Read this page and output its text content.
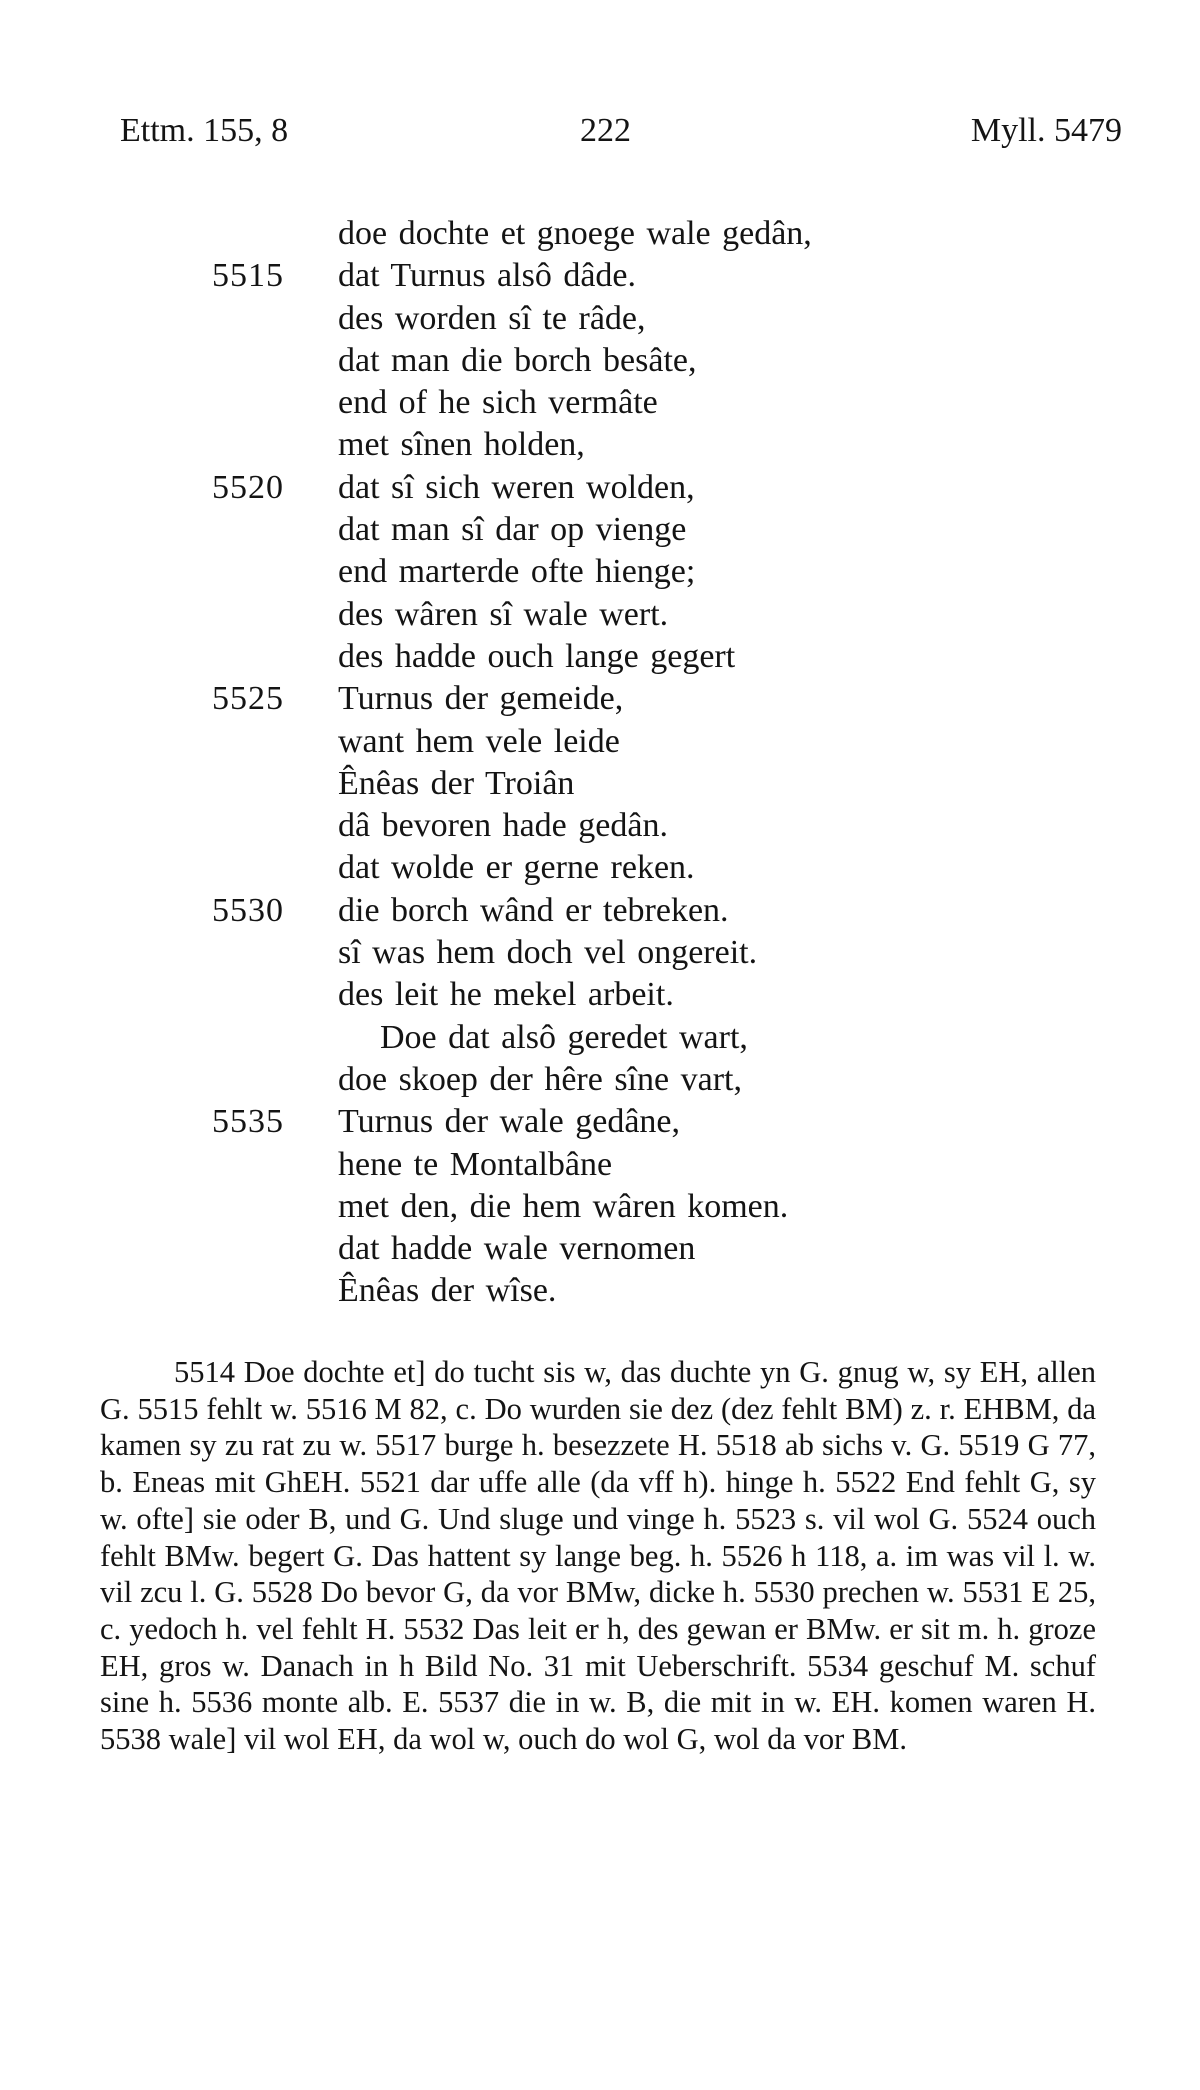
Ettm. 155, 8	222	Myll. 5479
doe dochte et gnoege wale gedân,
5515	dat Turnus alsô dâde.
des worden sî te râde,
dat man die borch besâte,
end of he sich vermâte
met sînen holden,
5520	dat sî sich weren wolden,
dat man sî dar op vienge
end marterde ofte hienge;
des wâren sî wale wert.
des hadde ouch lange gegert
5525	Turnus der gemeide,
want hem vele leide
Ênêas der Troiân
dâ bevoren hade gedân.
dat wolde er gerne reken.
5530	die borch wând er tebreken.
sî was hem doch vel ongereit.
des leit he mekel arbeit.
Doe dat alsô geredet wart,
doe skoep der hêre sîne vart,
5535	Turnus der wale gedâne,
hene te Montalbâne
met den, die hem wâren komen.
dat hadde wale vernomen
Ênêas der wîse.
5514 Doe dochte et] do tucht sis w, das duchte yn G. gnug w, sy EH, allen G. 5515 fehlt w. 5516 M 82, c. Do wurden sie dez (dez fehlt BM) z. r. EHBM, da kamen sy zu rat zu w. 5517 burge h. besezzete H. 5518 ab sichs v. G. 5519 G 77, b. Eneas mit GhEH. 5521 dar uffe alle (da vff h). hinge h. 5522 End fehlt G, sy w. ofte] sie oder B, und G. Und sluge und vinge h. 5523 s. vil wol G. 5524 ouch fehlt BMw. begert G. Das hattent sy lange beg. h. 5526 h 118, a. im was vil l. w. vil zcu l. G. 5528 Do bevor G, da vor BMw, dicke h. 5530 prechen w. 5531 E 25, c. yedoch h. vel fehlt H. 5532 Das leit er h, des gewan er BMw. er sit m. h. groze EH, gros w. Danach in h Bild No. 31 mit Ueberschrift. 5534 geschuf M. schuf sine h. 5536 monte alb. E. 5537 die in w. B, die mit in w. EH. komen waren H. 5538 wale] vil wol EH, da wol w, ouch do wol G, wol da vor BM.
